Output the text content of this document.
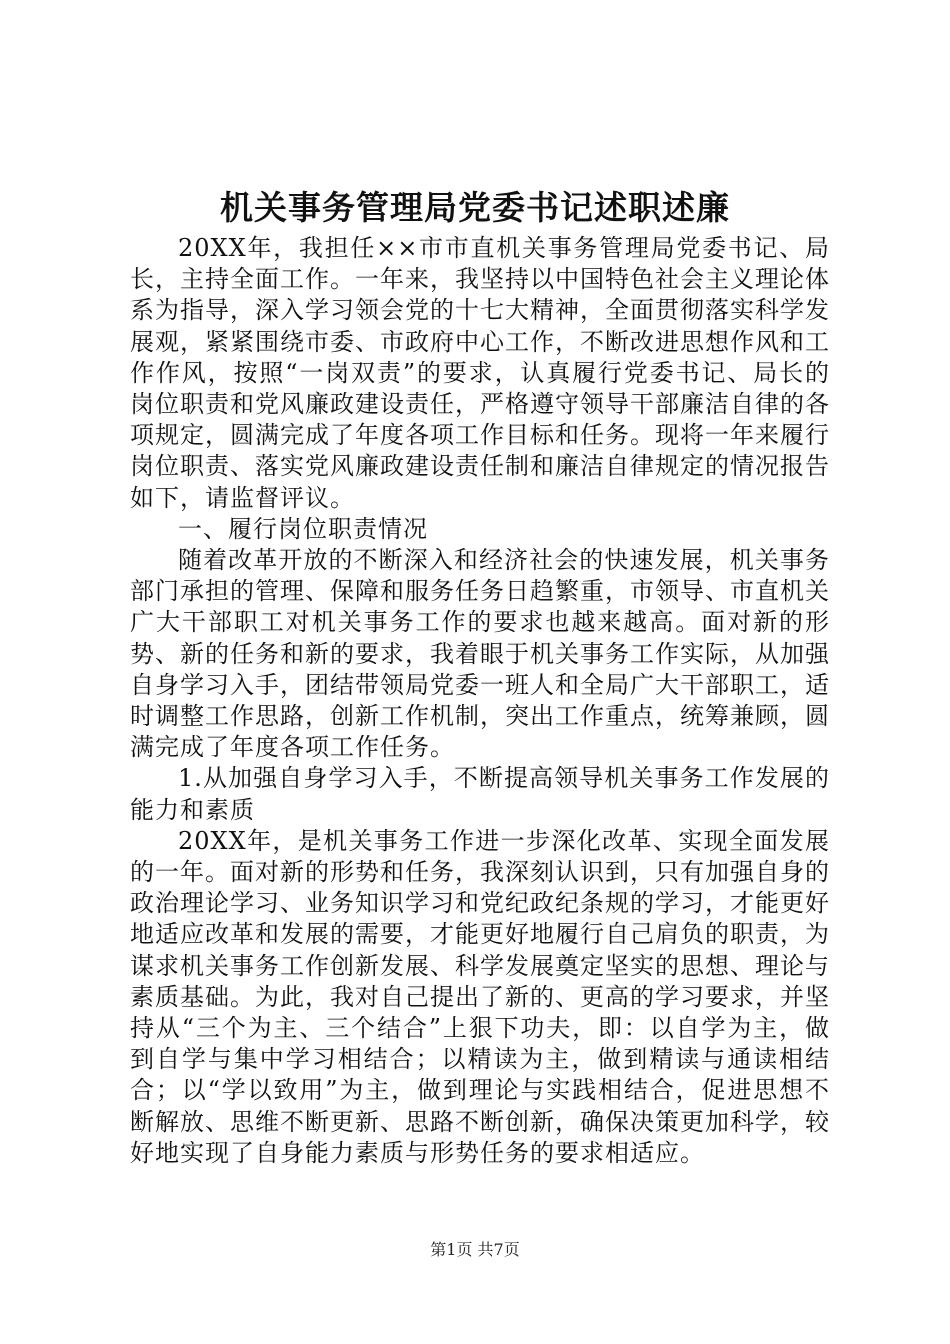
机关事务管理局党委书记述职述廉

20XX年，我担任××市市直机关事务管理局党委书记、局长，主持全面工作。一年来，我坚持以中国特色社会主义理论体系为指导，深入学习领会党的十七大精神，全面贯彻落实科学发展观，紧紧围绕市委、市政府中心工作，不断改进思想作风和工作作风，按照“一岗双责”的要求，认真履行党委书记、局长的岗位职责和党风廉政建设责任，严格遵守领导干部廉洁自律的各项规定，圆满完成了年度各项工作目标和任务。现将一年来履行岗位职责、落实党风廉政建设责任制和廉洁自律规定的情况报告如下，请监督评议。

一、履行岗位职责情况

随着改革开放的不断深入和经济社会的快速发展，机关事务部门承担的管理、保障和服务任务日趋繁重，市领导、市直机关广大干部职工对机关事务工作的要求也越来越高。面对新的形势、新的任务和新的要求，我着眼于机关事务工作实际，从加强自身学习入手，团结带领局党委一班人和全局广大干部职工，适时调整工作思路，创新工作机制，突出工作重点，统筹兼顾，圆满完成了年度各项工作任务。

1.从加强自身学习入手，不断提高领导机关事务工作发展的能力和素质

20XX年，是机关事务工作进一步深化改革、实现全面发展的一年。面对新的形势和任务，我深刻认识到，只有加强自身的政治理论学习、业务知识学习和党纪政纪条规的学习，才能更好地适应改革和发展的需要，才能更好地履行自己肩负的职责，为谋求机关事务工作创新发展、科学发展奠定坚实的思想、理论与素质基础。为此，我对自己提出了新的、更高的学习要求，并坚持从“三个为主、三个结合”上狠下功夫，即：以自学为主，做到自学与集中学习相结合；以精读为主，做到精读与通读相结合；以“学以致用”为主，做到理论与实践相结合，促进思想不断解放、思维不断更新、思路不断创新，确保决策更加科学，较好地实现了自身能力素质与形势任务的要求相适应。

第1页 共7页
